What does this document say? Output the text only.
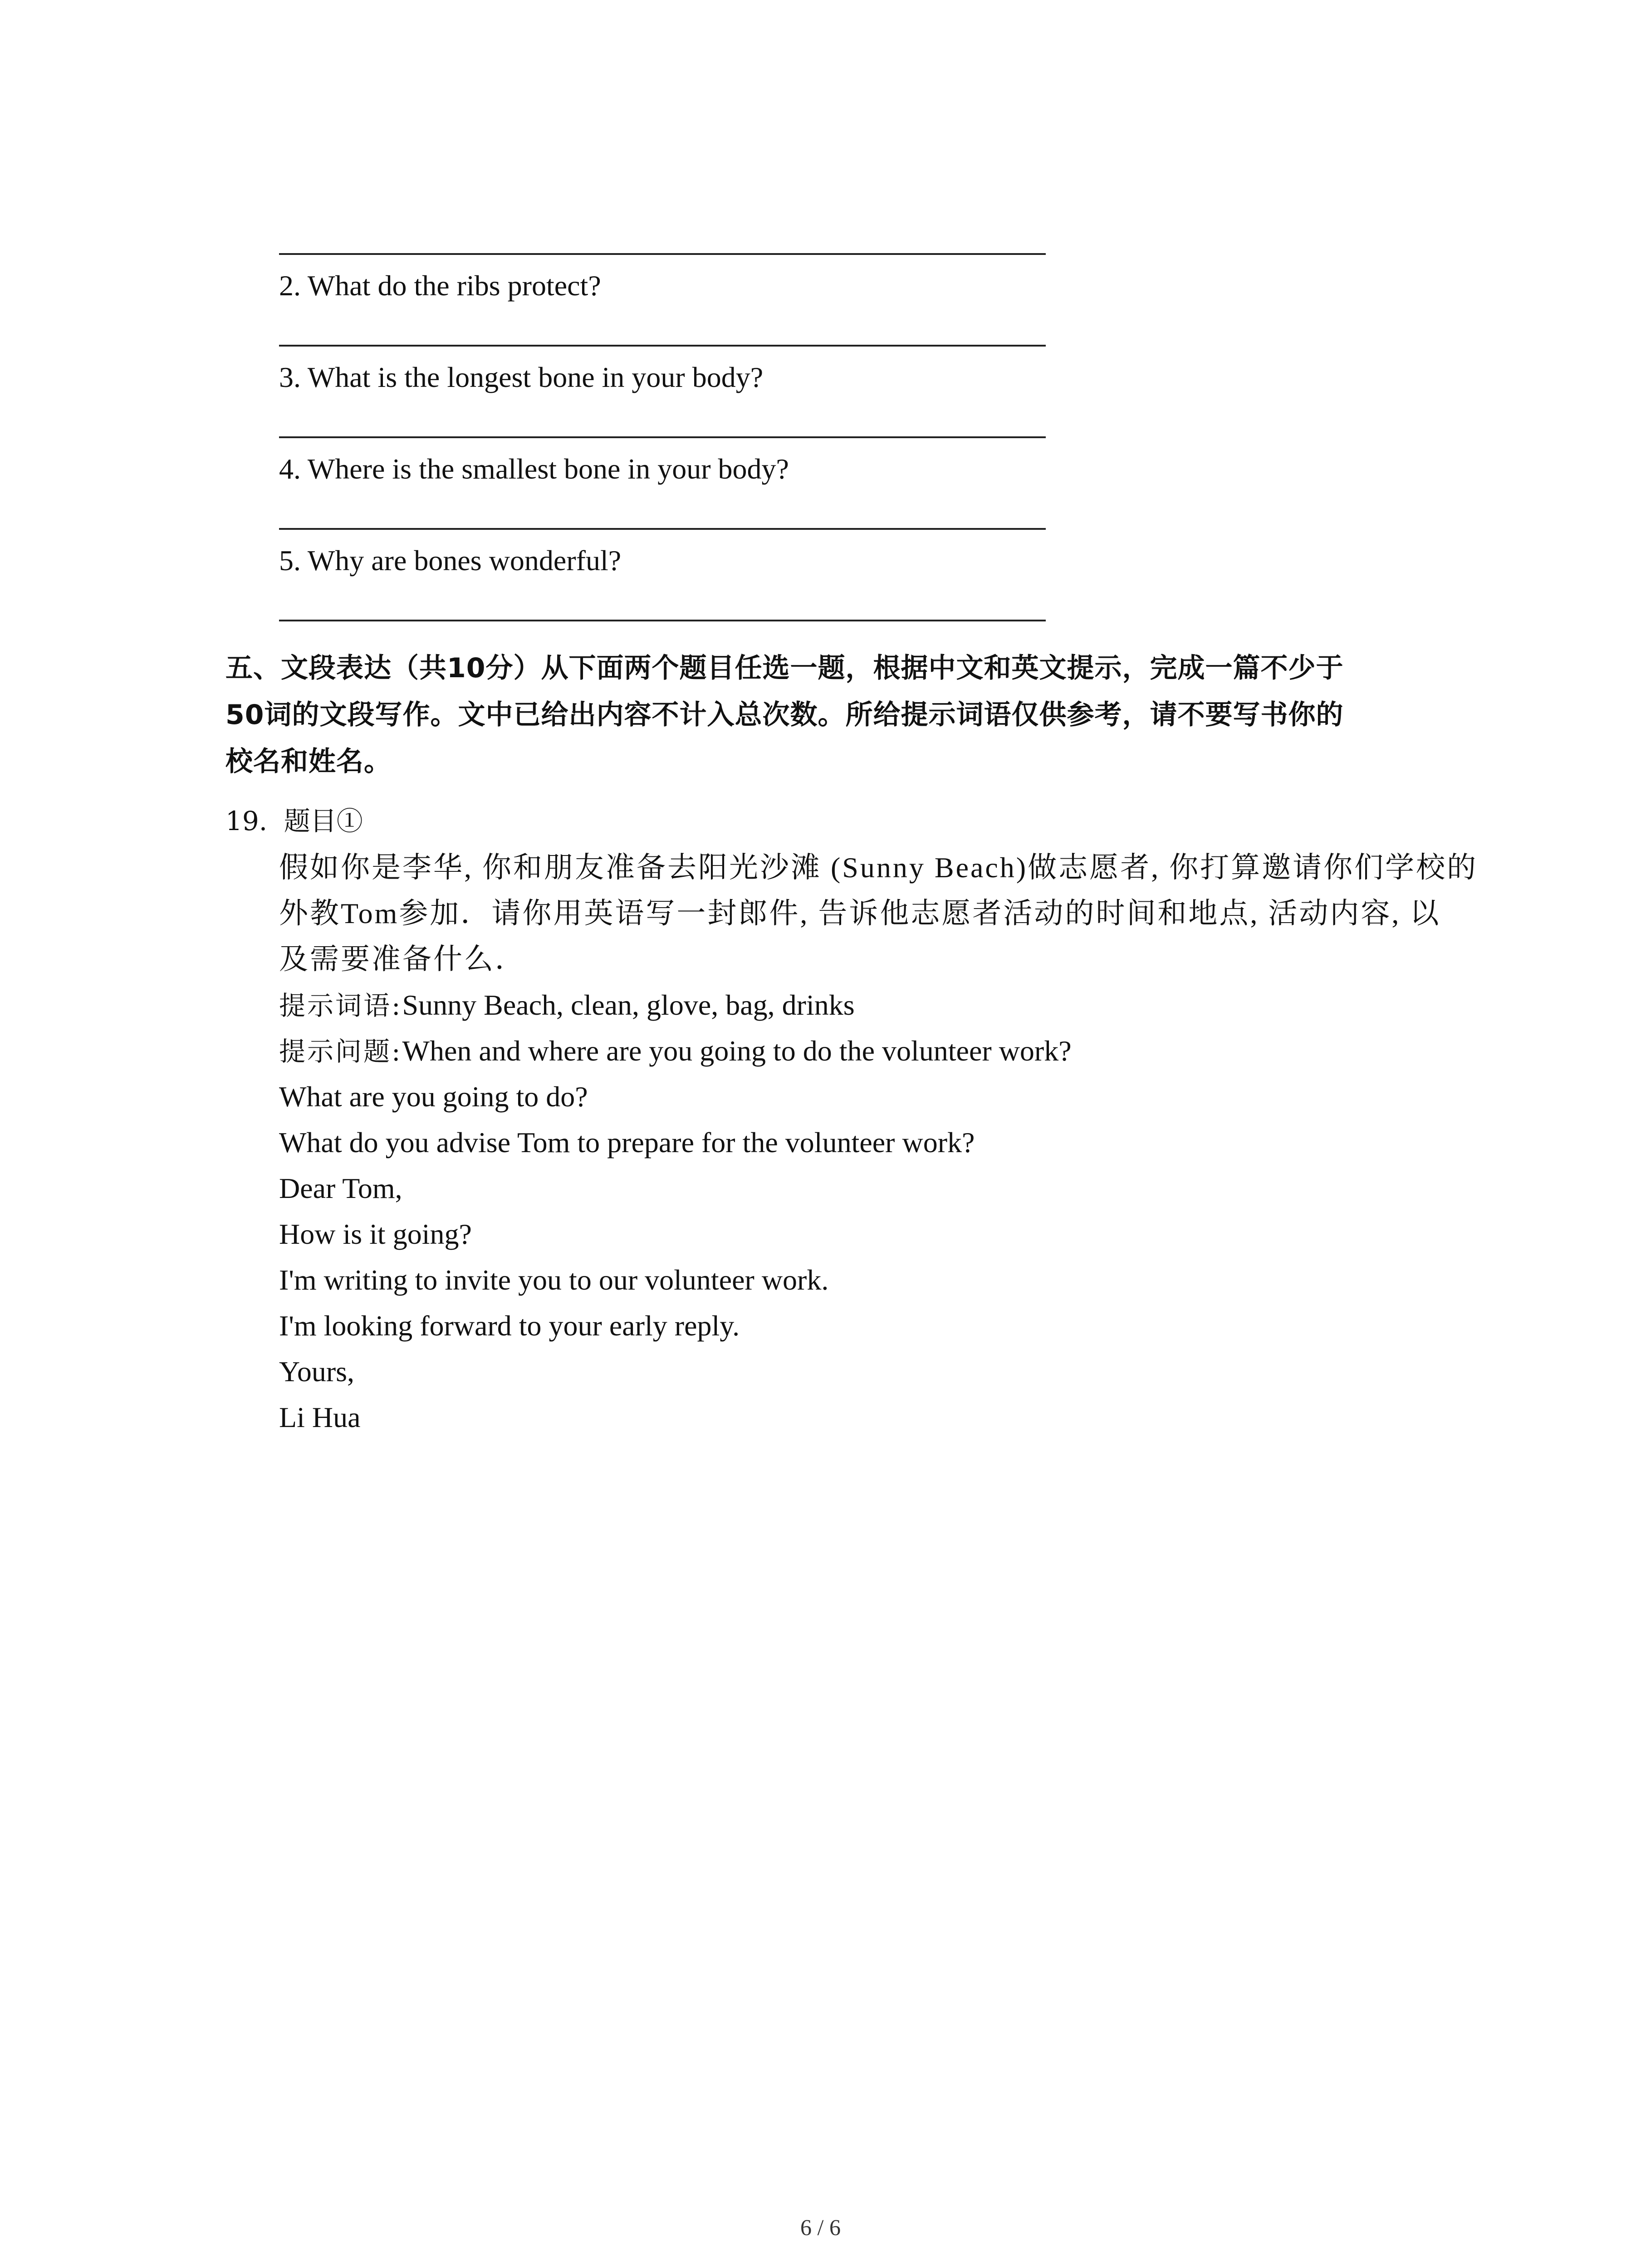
2. What do the ribs protect?
3. What is the longest bone in your body?
4. Where is the smallest bone in your body?
5. Why are bones wonderful?
五、文段表达（共10分）从下面两个题目任选一题，根据中文和英文提示，完成一篇不少于
50词的文段写作。文中已给出内容不计入总次数。所给提示词语仅供参考，请不要写书你的
校名和姓名。
19. 题目①
假如你是李华, 你和朋友准备去阳光沙滩 (Sunny Beach)做志愿者, 你打算邀请你们学校的
外教Tom参加．请你用英语写一封郎件, 告诉他志愿者活动的时间和地点, 活动内容, 以
及需要准备什么．
提示词语:Sunny Beach, clean, glove, bag, drinks
提示问题:When and where are you going to do the volunteer work?
What are you going to do?
What do you advise Tom to prepare for the volunteer work?
Dear Tom,
How is it going?
I'm writing to invite you to our volunteer work.
I'm looking forward to your early reply.
Yours,
Li Hua
6 / 6
